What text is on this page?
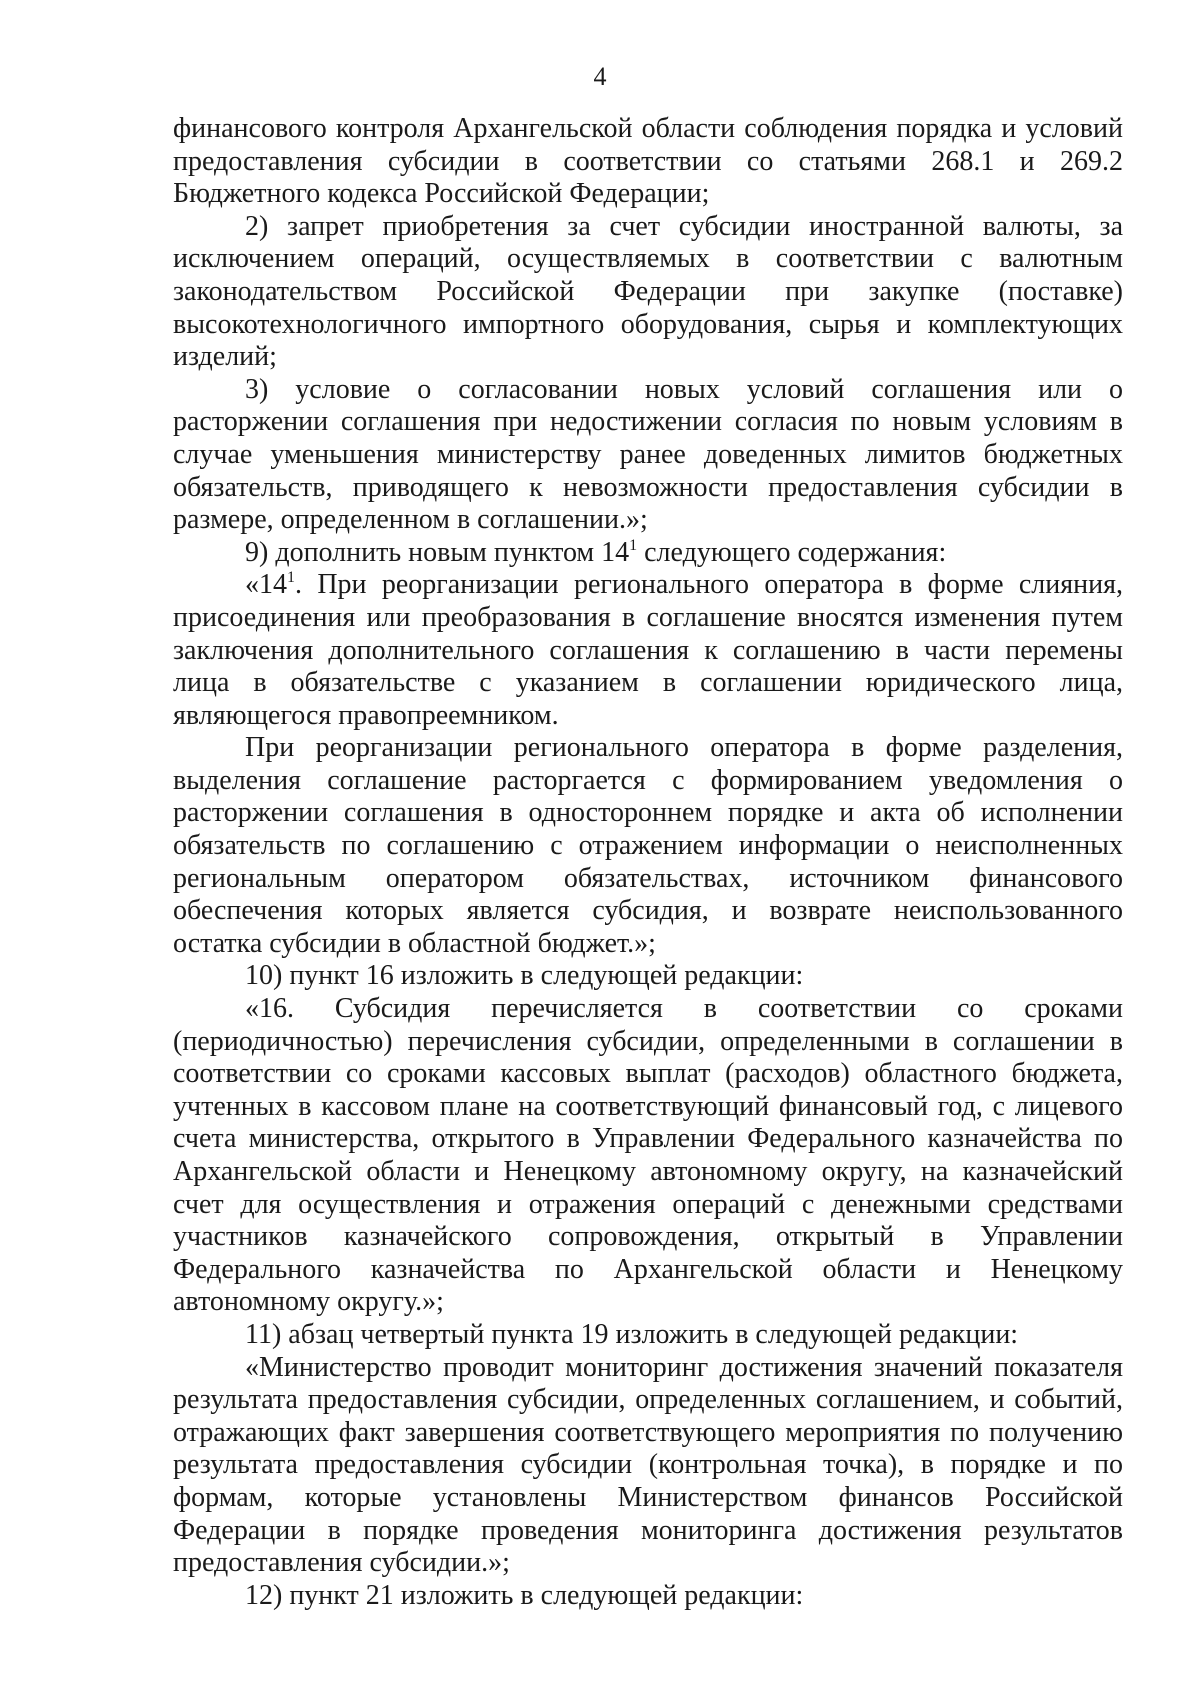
4

финансового контроля Архангельской области соблюдения порядка и условий предоставления субсидии в соответствии со статьями 268.1 и 269.2 Бюджетного кодекса Российской Федерации;

2) запрет приобретения за счет субсидии иностранной валюты, за исключением операций, осуществляемых в соответствии с валютным законодательством Российской Федерации при закупке (поставке) высокотехнологичного импортного оборудования, сырья и комплектующих изделий;

3) условие о согласовании новых условий соглашения или о расторжении соглашения при недостижении согласия по новым условиям в случае уменьшения министерству ранее доведенных лимитов бюджетных обязательств, приводящего к невозможности предоставления субсидии в размере, определенном в соглашении.»;

9) дополнить новым пунктом $14^1$ следующего содержания:

«$14^1$. При реорганизации регионального оператора в форме слияния, присоединения или преобразования в соглашение вносятся изменения путем заключения дополнительного соглашения к соглашению в части перемены лица в обязательстве с указанием в соглашении юридического лица, являющегося правопреемником.

При реорганизации регионального оператора в форме разделения, выделения соглашение расторгается с формированием уведомления о расторжении соглашения в одностороннем порядке и акта об исполнении обязательств по соглашению с отражением информации о неисполненных региональным оператором обязательствах, источником финансового обеспечения которых является субсидия, и возврате неиспользованного остатка субсидии в областной бюджет.»;

10) пункт 16 изложить в следующей редакции:

«16. Субсидия перечисляется в соответствии со сроками (периодичностью) перечисления субсидии, определенными в соглашении в соответствии со сроками кассовых выплат (расходов) областного бюджета, учтенных в кассовом плане на соответствующий финансовый год, с лицевого счета министерства, открытого в Управлении Федерального казначейства по Архангельской области и Ненецкому автономному округу, на казначейский счет для осуществления и отражения операций с денежными средствами участников казначейского сопровождения, открытый в Управлении Федерального казначейства по Архангельской области и Ненецкому автономному округу.»;

11) абзац четвертый пункта 19 изложить в следующей редакции:

«Министерство проводит мониторинг достижения значений показателя результата предоставления субсидии, определенных соглашением, и событий, отражающих факт завершения соответствующего мероприятия по получению результата предоставления субсидии (контрольная точка), в порядке и по формам, которые установлены Министерством финансов Российской Федерации в порядке проведения мониторинга достижения результатов предоставления субсидии.»;

12) пункт 21 изложить в следующей редакции:
